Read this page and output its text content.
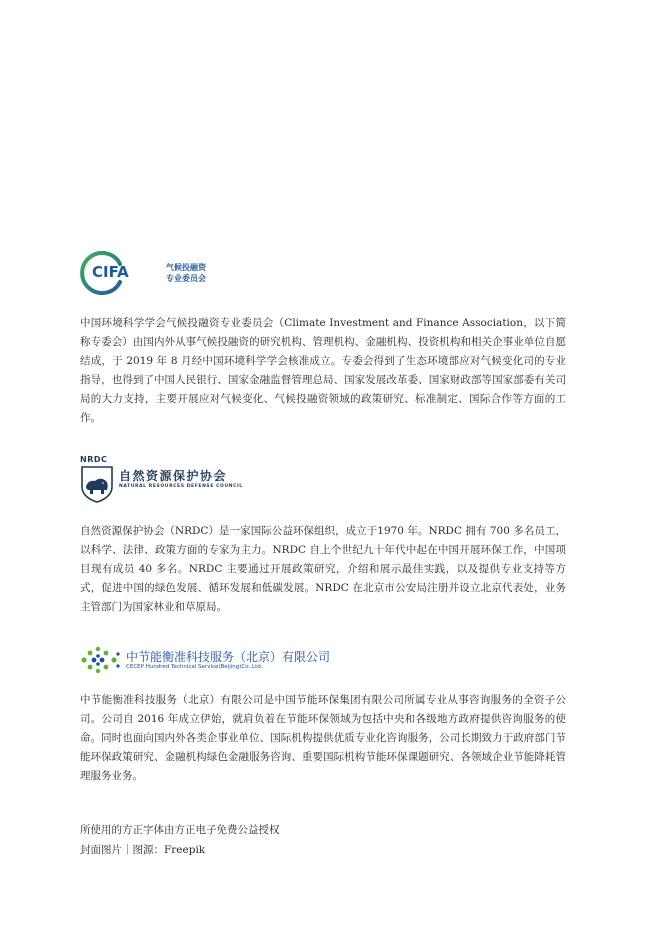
CIFA	气候投融资
专业委员会

中国环境科学学会气候投融资专业委员会（Climate Investment and Finance Association，以下简称专委会）由国内外从事气候投融资的研究机构、管理机构、金融机构、投资机构和相关企事业单位自愿结成，于 2019 年 8 月经中国环境科学学会核准成立。专委会得到了生态环境部应对气候变化司的专业指导，也得到了中国人民银行、国家金融监督管理总局、国家发展改革委、国家财政部等国家部委有关司局的大力支持，主要开展应对气候变化、气候投融资领域的政策研究、标准制定、国际合作等方面的工作。

NRDC
自然资源保护协会
NATURAL RESOURCES DEFENSE COUNCIL

自然资源保护协会（NRDC）是一家国际公益环保组织，成立于1970 年。NRDC 拥有 700 多名员工，以科学、法律、政策方面的专家为主力。NRDC 自上个世纪九十年代中起在中国开展环保工作，中国项目现有成员 40 多名。NRDC 主要通过开展政策研究，介绍和展示最佳实践，以及提供专业支持等方式，促进中国的绿色发展、循环发展和低碳发展。NRDC 在北京市公安局注册并设立北京代表处，业务主管部门为国家林业和草原局。

中节能衡准科技服务（北京）有限公司
CECEP Hundred Technical Service(Beijing)Co.,Ltd.

中节能衡准科技服务（北京）有限公司是中国节能环保集团有限公司所属专业从事咨询服务的全资子公司。公司自 2016 年成立伊始，就肩负着在节能环保领域为包括中央和各级地方政府提供咨询服务的使命。同时也面向国内外各类企事业单位、国际机构提供优质专业化咨询服务，公司长期致力于政府部门节能环保政策研究、金融机构绿色金融服务咨询、重要国际机构节能环保课题研究、各领域企业节能降耗管理服务业务。

所使用的方正字体由方正电子免费公益授权
封面图片｜图源：Freepik
